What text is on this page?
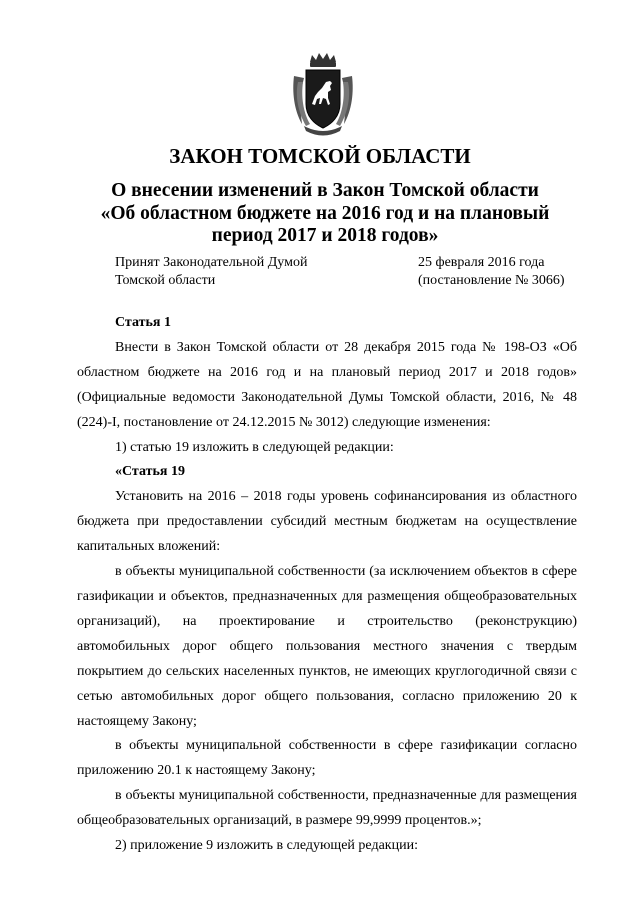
ЗАКОН ТОМСКОЙ ОБЛАСТИ
О внесении изменений в Закон Томской области
«Об областном бюджете на 2016 год и на плановый
период 2017 и 2018 годов»
Принят Законодательной Думой
Томской области
25 февраля 2016 года
(постановление № 3066)

Статья 1

Внести в Закон Томской области от 28 декабря 2015 года № 198-ОЗ «Об областном бюджете на 2016 год и на плановый период 2017 и 2018 годов» (Официальные ведомости Законодательной Думы Томской области, 2016, № 48 (224)-I, постановление от 24.12.2015 № 3012) следующие изменения:

1) статью 19 изложить в следующей редакции:

«Статья 19

Установить на 2016 – 2018 годы уровень софинансирования из областного бюджета при предоставлении субсидий местным бюджетам на осуществление капитальных вложений:

в объекты муниципальной собственности (за исключением объектов в сфере газификации и объектов, предназначенных для размещения общеобразовательных организаций), на проектирование и строительство (реконструкцию) автомобильных дорог общего пользования местного значения с твердым покрытием до сельских населенных пунктов, не имеющих круглогодичной связи с сетью автомобильных дорог общего пользования, согласно приложению 20 к настоящему Закону;

в объекты муниципальной собственности в сфере газификации согласно приложению 20.1 к настоящему Закону;

в объекты муниципальной собственности, предназначенные для размещения общеобразовательных организаций, в размере 99,9999 процентов.»;

2) приложение 9 изложить в следующей редакции:
